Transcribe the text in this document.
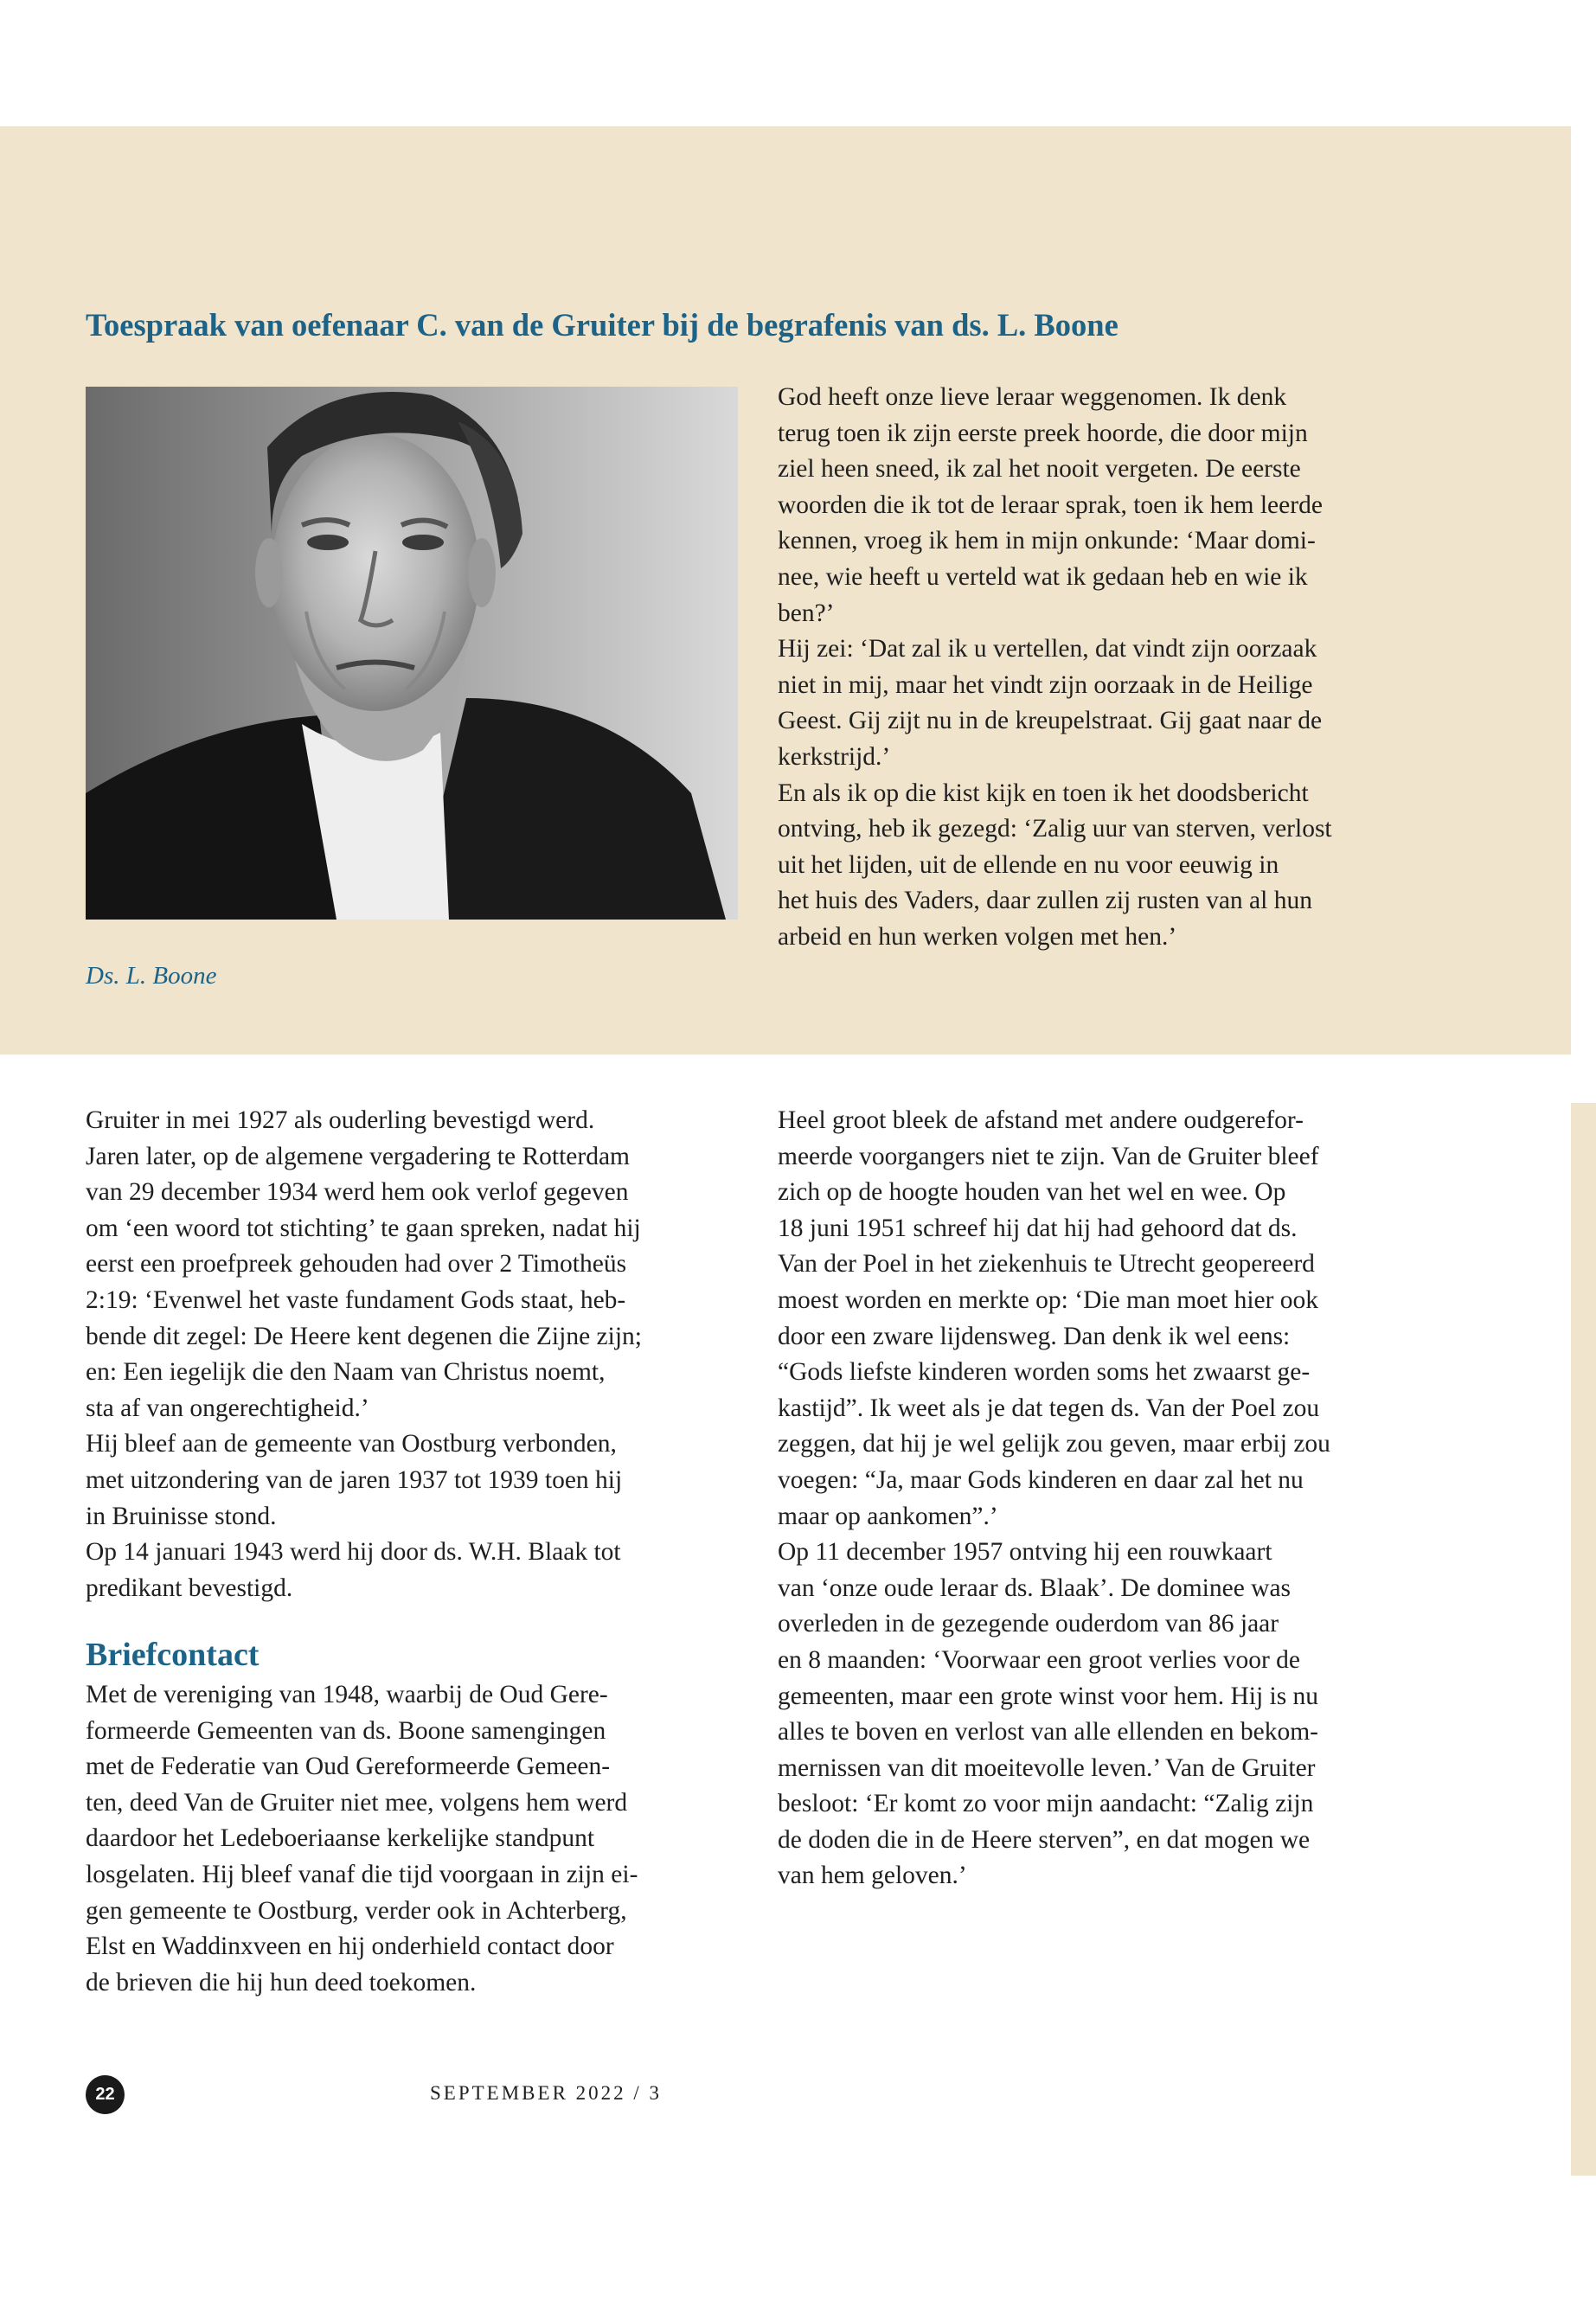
Toespraak van oefenaar C. van de Gruiter bij de begrafenis van ds. L. Boone
Ds. L. Boone
God heeft onze lieve leraar weggenomen. Ik denk
terug toen ik zijn eerste preek hoorde, die door mijn
ziel heen sneed, ik zal het nooit vergeten. De eerste
woorden die ik tot de leraar sprak, toen ik hem leerde
kennen, vroeg ik hem in mijn onkunde: ‘Maar domi-
nee, wie heeft u verteld wat ik gedaan heb en wie ik
ben?’
Hij zei: ‘Dat zal ik u vertellen, dat vindt zijn oorzaak
niet in mij, maar het vindt zijn oorzaak in de Heilige
Geest. Gij zijt nu in de kreupelstraat. Gij gaat naar de
kerkstrijd.’
En als ik op die kist kijk en toen ik het doodsbericht
ontving, heb ik gezegd: ‘Zalig uur van sterven, verlost
uit het lijden, uit de ellende en nu voor eeuwig in
het huis des Vaders, daar zullen zij rusten van al hun
arbeid en hun werken volgen met hen.’
Gruiter in mei 1927 als ouderling bevestigd werd.
Jaren later, op de algemene vergadering te Rotterdam
van 29 december 1934 werd hem ook verlof gegeven
om ‘een woord tot stichting’ te gaan spreken, nadat hij
eerst een proefpreek gehouden had over 2 Timotheüs
2:19: ‘Evenwel het vaste fundament Gods staat, heb-
bende dit zegel: De Heere kent degenen die Zijne zijn;
en: Een iegelijk die den Naam van Christus noemt,
sta af van ongerechtigheid.’
Hij bleef aan de gemeente van Oostburg verbonden,
met uitzondering van de jaren 1937 tot 1939 toen hij
in Bruinisse stond.
Op 14 januari 1943 werd hij door ds. W.H. Blaak tot
predikant bevestigd.
Briefcontact
Met de vereniging van 1948, waarbij de Oud Gere-
formeerde Gemeenten van ds. Boone samengingen
met de Federatie van Oud Gereformeerde Gemeen-
ten, deed Van de Gruiter niet mee, volgens hem werd
daardoor het Ledeboeriaanse kerkelijke standpunt
losgelaten. Hij bleef vanaf die tijd voorgaan in zijn ei-
gen gemeente te Oostburg, verder ook in Achterberg,
Elst en Waddinxveen en hij onderhield contact door
de brieven die hij hun deed toekomen.
Heel groot bleek de afstand met andere oudgerefor-
meerde voorgangers niet te zijn. Van de Gruiter bleef
zich op de hoogte houden van het wel en wee. Op
18 juni 1951 schreef hij dat hij had gehoord dat ds.
Van der Poel in het ziekenhuis te Utrecht geopereerd
moest worden en merkte op: ‘Die man moet hier ook
door een zware lijdensweg. Dan denk ik wel eens:
“Gods liefste kinderen worden soms het zwaarst ge-
kastijd”. Ik weet als je dat tegen ds. Van der Poel zou
zeggen, dat hij je wel gelijk zou geven, maar erbij zou
voegen: “Ja, maar Gods kinderen en daar zal het nu
maar op aankomen”.’
Op 11 december 1957 ontving hij een rouwkaart
van ‘onze oude leraar ds. Blaak’. De dominee was
overleden in de gezegende ouderdom van 86 jaar
en 8 maanden: ‘Voorwaar een groot verlies voor de
gemeenten, maar een grote winst voor hem. Hij is nu
alles te boven en verlost van alle ellenden en bekom-
mernissen van dit moeitevolle leven.’ Van de Gruiter
besloot: ‘Er komt zo voor mijn aandacht: “Zalig zijn
de doden die in de Heere sterven”, en dat mogen we
van hem geloven.’
22	SEPTEMBER 2022 / 3
